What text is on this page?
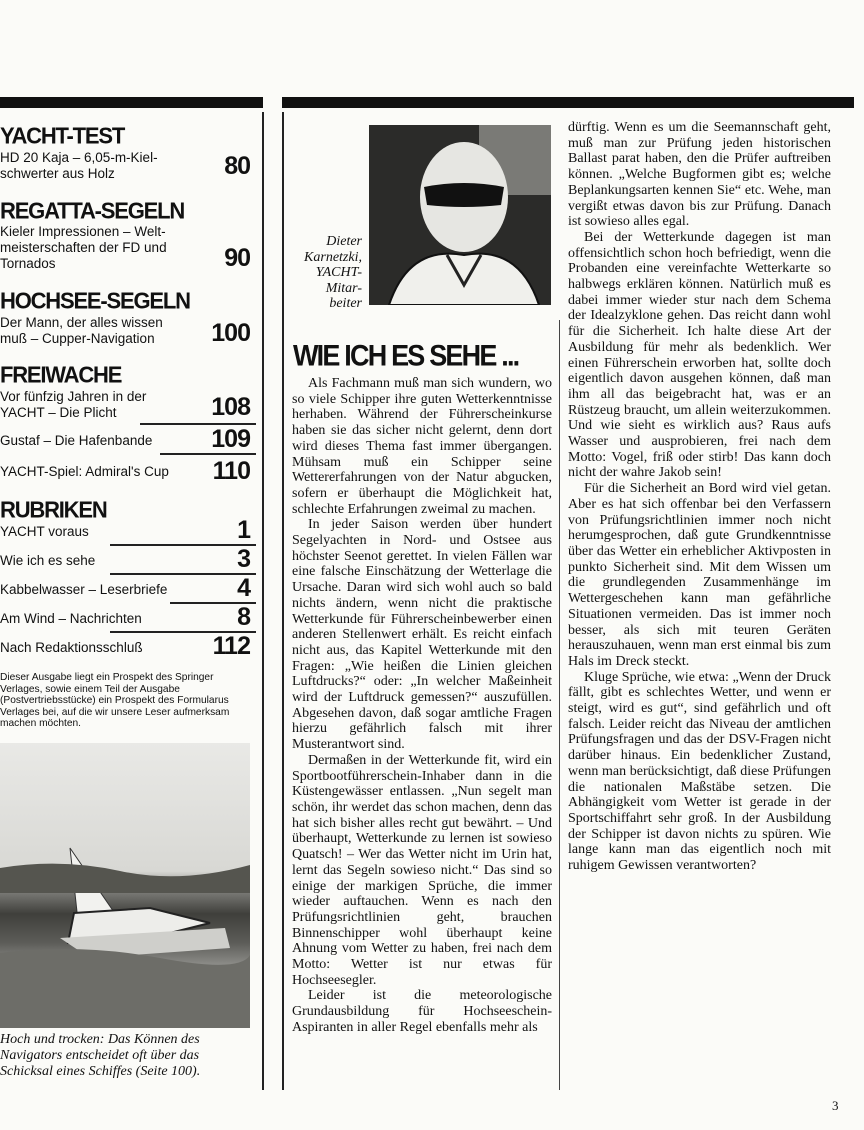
YACHT-TEST
HD 20 Kaja – 6,05-m-Kiel-
schwerter aus Holz	80
REGATTA-SEGELN
Kieler Impressionen – Welt-
meisterschaften der FD und
Tornados	90
HOCHSEE-SEGELN
Der Mann, der alles wissen
muß – Cupper-Navigation	100
FREIWACHE
Vor fünfzig Jahren in der
YACHT – Die Plicht	108
Gustaf – Die Hafenbande	109
YACHT-Spiel: Admiral's Cup	110
RUBRIKEN
YACHT voraus	1
Wie ich es sehe	3
Kabbelwasser – Leserbriefe	4
Am Wind – Nachrichten	8
Nach Redaktionsschluß	112
Dieser Ausgabe liegt ein Prospekt des Springer Verlages, sowie einem Teil der Ausgabe (Postvertriebsstücke) ein Prospekt des Formularus Verlages bei, auf die wir unsere Leser aufmerksam machen möchten.
Hoch und trocken: Das Können des Navigators entscheidet oft über das Schicksal eines Schiffes (Seite 100).
Dieter
Karnetzki,
YACHT-
Mitar-
beiter
WIE ICH ES SEHE ...

Als Fachmann muß man sich wundern, wo so viele Schipper ihre guten Wetterkenntnisse herhaben. Während der Führerscheinkurse haben sie das sicher nicht gelernt, denn dort wird dieses Thema fast immer übergangen. Mühsam muß ein Schipper seine Wettererfahrungen von der Natur abgucken, sofern er überhaupt die Möglichkeit hat, schlechte Erfahrungen zweimal zu machen.

In jeder Saison werden über hundert Segelyachten in Nord- und Ostsee aus höchster Seenot gerettet. In vielen Fällen war eine falsche Einschätzung der Wetterlage die Ursache. Daran wird sich wohl auch so bald nichts ändern, wenn nicht die praktische Wetterkunde für Führerscheinbewerber einen anderen Stellenwert erhält. Es reicht einfach nicht aus, das Kapitel Wetterkunde mit den Fragen: „Wie heißen die Linien gleichen Luftdrucks?“ oder: „In welcher Maßeinheit wird der Luftdruck gemessen?“ auszufüllen. Abgesehen davon, daß sogar amtliche Fragen hierzu gefährlich falsch mit ihrer Musterantwort sind.

Dermaßen in der Wetterkunde fit, wird ein Sportbootführerschein-Inhaber dann in die Küstengewässer entlassen. „Nun segelt man schön, ihr werdet das schon machen, denn das hat sich bisher alles recht gut bewährt. – Und überhaupt, Wetterkunde zu lernen ist sowieso Quatsch! – Wer das Wetter nicht im Urin hat, lernt das Segeln sowieso nicht.“ Das sind so einige der markigen Sprüche, die immer wieder auftauchen. Wenn es nach den Prüfungsrichtlinien geht, brauchen Binnenschipper wohl überhaupt keine Ahnung vom Wetter zu haben, frei nach dem Motto: Wetter ist nur etwas für Hochseesegler.

Leider ist die meteorologische Grundausbildung für Hochseeschein-Aspiranten in aller Regel ebenfalls mehr als

dürftig. Wenn es um die Seemannschaft geht, muß man zur Prüfung jeden historischen Ballast parat haben, den die Prüfer auftreiben können. „Welche Bugformen gibt es; welche Beplankungsarten kennen Sie“ etc. Wehe, man vergißt etwas davon bis zur Prüfung. Danach ist sowieso alles egal.

Bei der Wetterkunde dagegen ist man offensichtlich schon hoch befriedigt, wenn die Probanden eine vereinfachte Wetterkarte so halbwegs erklären können. Natürlich muß es dabei immer wieder stur nach dem Schema der Idealzyklone gehen. Das reicht dann wohl für die Sicherheit. Ich halte diese Art der Ausbildung für mehr als bedenklich. Wer einen Führerschein erworben hat, sollte doch eigentlich davon ausgehen können, daß man ihm all das beigebracht hat, was er an Rüstzeug braucht, um allein weiterzukommen. Und wie sieht es wirklich aus? Raus aufs Wasser und ausprobieren, frei nach dem Motto: Vogel, friß oder stirb! Das kann doch nicht der wahre Jakob sein!

Für die Sicherheit an Bord wird viel getan. Aber es hat sich offenbar bei den Verfassern von Prüfungsrichtlinien immer noch nicht herumgesprochen, daß gute Grundkenntnisse über das Wetter ein erheblicher Aktivposten in punkto Sicherheit sind. Mit dem Wissen um die grundlegenden Zusammenhänge im Wettergeschehen kann man gefährliche Situationen vermeiden. Das ist immer noch besser, als sich mit teuren Geräten herauszuhauen, wenn man erst einmal bis zum Hals im Dreck steckt.

Kluge Sprüche, wie etwa: „Wenn der Druck fällt, gibt es schlechtes Wetter, und wenn er steigt, wird es gut“, sind gefährlich und oft falsch. Leider reicht das Niveau der amtlichen Prüfungsfragen und das der DSV-Fragen nicht darüber hinaus. Ein bedenklicher Zustand, wenn man berücksichtigt, daß diese Prüfungen die nationalen Maßstäbe setzen. Die Abhängigkeit vom Wetter ist gerade in der Sportschiffahrt sehr groß. In der Ausbildung der Schipper ist davon nichts zu spüren. Wie lange kann man das eigentlich noch mit ruhigem Gewissen verantworten?

3
